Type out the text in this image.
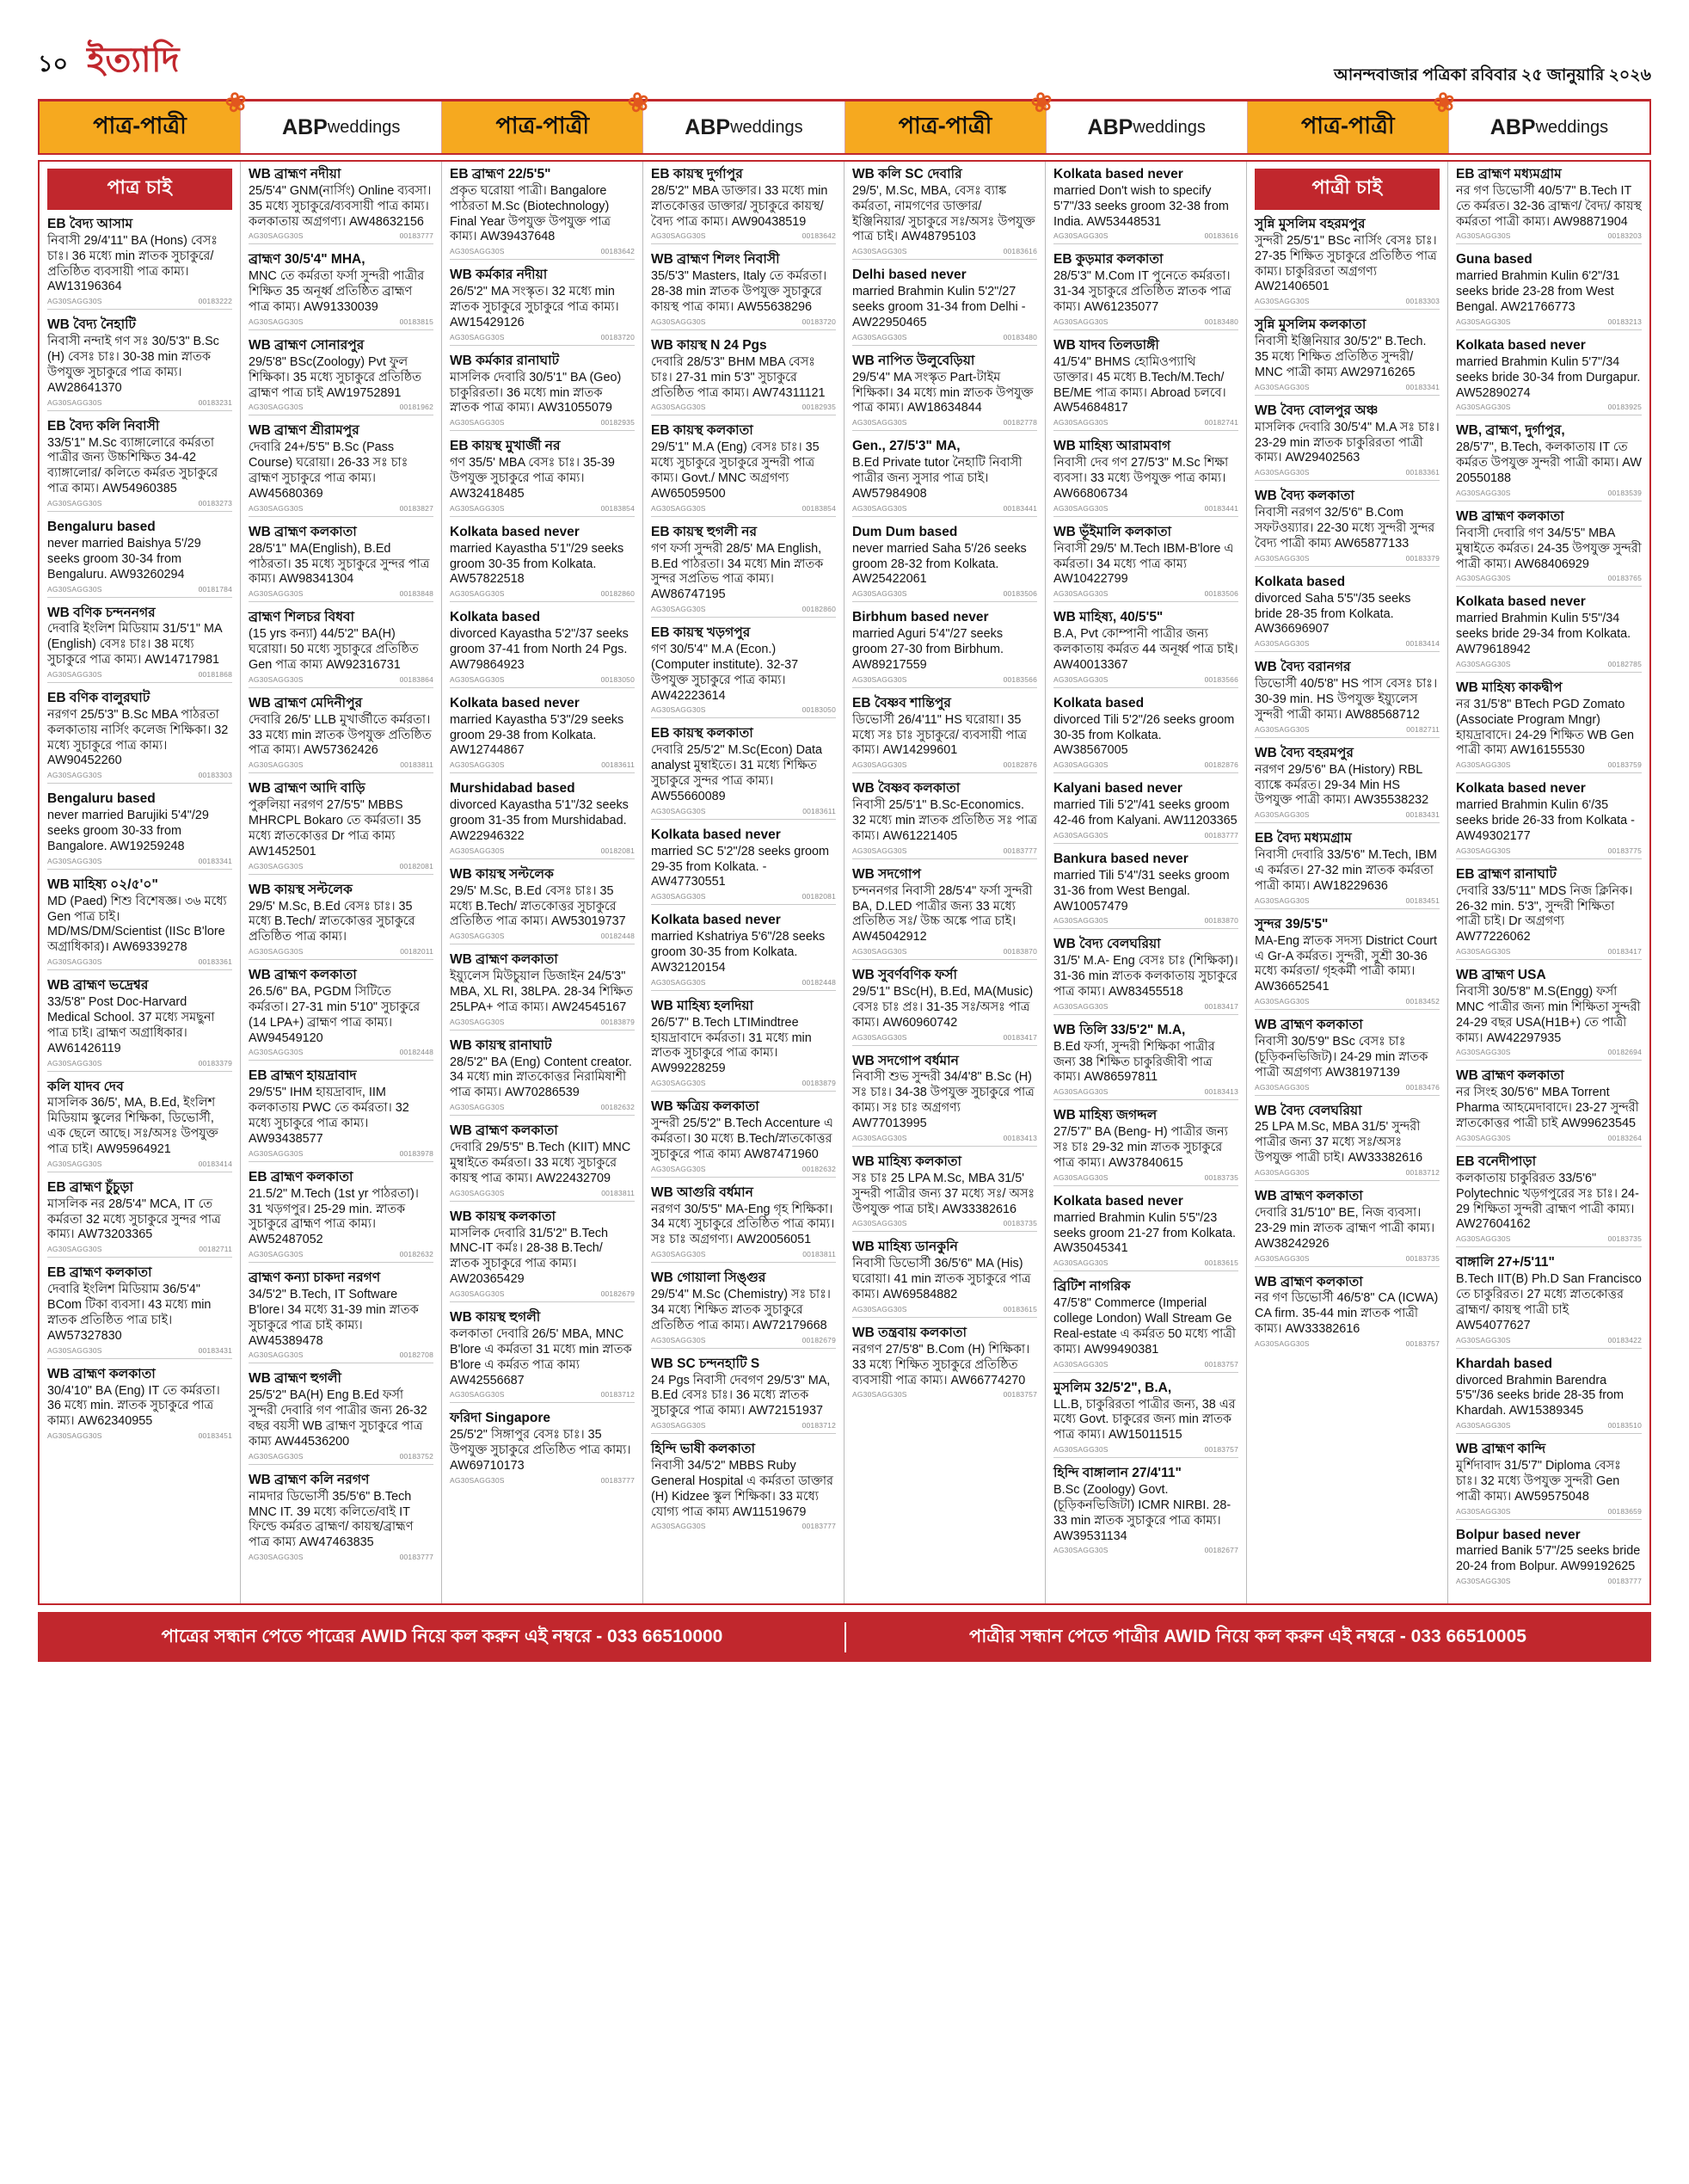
১০ ইত্যাদি	আনন্দবাজার পত্রিকা রবিবার ২৫ জানুয়ারি ২০২৬
পাত্র-পাত্রী
❀
ABP weddings	পাত্র-পাত্রী
❀
ABP weddings	পাত্র-পাত্রী
❀
ABP weddings	পাত্র-পাত্রী
❀
ABP weddings
পাত্র চাই
EB বৈদ্য আসাম
নিবাসী 29/4'11" BA (Hons) বেসঃ চাঃ। 36 মধ্যে min স্নাতক সুচাকুরে/ প্রতিষ্ঠিত ব্যবসায়ী পাত্র কাম্য। AW13196364
AG30SAGG30S	00183222
WB বৈদ্য নৈহাটি
নিবাসী নন্দাই গণ সঃ 30/5'3" B.Sc (H) বেসঃ চাঃ। 30-38 min স্নাতক উপযুক্ত সুচাকুরে পাত্র কাম্য। AW28641370
AG30SAGG30S	00183231
EB বৈদ্য কলি নিবাসী
33/5'1" M.Sc ব্যাঙ্গালোরে কর্মরতা পাত্রীর জন্য উচ্চশিক্ষিত 34-42 ব্যাঙ্গালোর/ কলিতে কর্মরত সুচাকুরে পাত্র কাম্য। AW54960385
AG30SAGG30S	00183273
Bengaluru based
never married Baishya 5'/29 seeks groom 30-34 from Bengaluru. AW93260294
AG30SAGG30S	00181784
WB বণিক চন্দননগর
দেবারি ইংলিশ মিডিয়াম 31/5'1" MA (English) বেসঃ চাঃ। 38 মধ্যে সুচাকুরে পাত্র কাম্য। AW14717981
AG30SAGG30S	00181868
EB বণিক বালুরঘাট
নরগণ 25/5'3" B.Sc MBA পাঠরতা কলকাতায় নার্সিং কলেজ শিক্ষিকা। 32 মধ্যে সুচাকুরে পাত্র কাম্য। AW90452260
AG30SAGG30S	00183303
Bengaluru based
never married Barujiki 5'4"/29 seeks groom 30-33 from Bangalore. AW19259248
AG30SAGG30S	00183341
WB মাহিষ্য ০২/৫'০"
MD (Paed) শিশু বিশেষজ্ঞ। ৩৬ মধ্যে Gen পাত্র চাই। MD/MS/DM/Scientist (IISc B'lore অগ্রাধিকার)। AW69339278
AG30SAGG30S	00183361
WB ব্রাহ্মণ ভদ্রেশ্বর
33/5'8" Post Doc-Harvard Medical School. 37 মধ্যে সমছুনা পাত্র চাই। ব্রাহ্মণ অগ্রাধিকার। AW61426119
AG30SAGG30S	00183379
কলি যাদব দেব
মাসলিক 36/5', MA, B.Ed, ইংলিশ মিডিয়াম স্কুলের শিক্ষিকা, ডিভোর্সী, এক ছেলে আছে। সঃ/অসঃ উপযুক্ত পাত্র চাই। AW95964921
AG30SAGG30S	00183414
EB ব্রাহ্মণ চুঁচুড়া
মাসলিক নর 28/5'4" MCA, IT তে কর্মরতা 32 মধ্যে সুচাকুরে সুন্দর পাত্র কাম্য। AW73203365
AG30SAGG30S	00182711
EB ব্রাহ্মণ কলকাতা
দেবারি ইংলিশ মিডিয়াম 36/5'4" BCom টিকা ব্যবসা। 43 মধ্যে min স্নাতক প্রতিষ্ঠিত পাত্র চাই। AW57327830
AG30SAGG30S	00183431
WB ব্রাহ্মণ কলকাতা
30/4'10" BA (Eng) IT তে কর্মরতা। 36 মধ্যে min. স্নাতক সুচাকুরে পাত্র কাম্য। AW62340955
AG30SAGG30S	00183451
WB ব্রাহ্মণ নদীয়া
25/5'4" GNM(নার্সিং) Online ব্যবসা। 35 মধ্যে সুচাকুরে/ব্যবসায়ী পাত্র কাম্য। কলকাতায় অগ্রগণ্য। AW48632156
AG30SAGG30S	00183777
ব্রাহ্মণ 30/5'4" MHA,
MNC তে কর্মরতা ফর্সা সুন্দরী পাত্রীর শিক্ষিত 35 অনূর্ধ্ব প্রতিষ্ঠিত ব্রাহ্মণ পাত্র কাম্য। AW91330039
AG30SAGG30S	00183815
WB ব্রাহ্মণ সোনারপুর
29/5'8" BSc(Zoology) Pvt ফুল শিক্ষিকা। 35 মধ্যে সুচাকুরে প্রতিষ্ঠিত ব্রাহ্মণ পাত্র চাই AW19752891
AG30SAGG30S	00181962
WB ব্রাহ্মণ শ্রীরামপুর
দেবারি 24+/5'5" B.Sc (Pass Course) ঘরোয়া। 26-33 সঃ চাঃ ব্রাহ্মণ সুচাকুরে পাত্র কাম্য। AW45680369
AG30SAGG30S	00183827
WB ব্রাহ্মণ কলকাতা
28/5'1" MA(English), B.Ed পাঠরতা। 35 মধ্যে সুচাকুরে সুন্দর পাত্র কাম্য। AW98341304
AG30SAGG30S	00183848
ব্রাহ্মণ শিলচর বিধবা
(15 yrs কন্যা) 44/5'2" BA(H) ঘরোয়া। 50 মধ্যে সুচাকুরে প্রতিষ্ঠিত Gen পাত্র কাম্য AW92316731
AG30SAGG30S	00183864
WB ব্রাহ্মণ মেদিনীপুর
দেবারি 26/5' LLB মুখার্জীতে কর্মরতা। 33 মধ্যে min স্নাতক উপযুক্ত প্রতিষ্ঠিত পাত্র কাম্য। AW57362426
AG30SAGG30S	00183811
WB ব্রাহ্মণ আদি বাড়ি
পুরুলিয়া নরগণ 27/5'5" MBBS MHRCPL Bokaro তে কর্মরতা। 35 মধ্যে স্নাতকোত্তর Dr পাত্র কাম্য AW1452501
AG30SAGG30S	00182081
WB কায়স্থ সল্টলেক
29/5' M.Sc, B.Ed বেসঃ চাঃ। 35 মধ্যে B.Tech/ স্নাতকোত্তর সুচাকুরে প্রতিষ্ঠিত পাত্র কাম্য।
AG30SAGG30S	00182011
WB ব্রাহ্মণ কলকাতা
26.5/6" BA, PGDM সিটিতে কর্মরতা। 27-31 min 5'10" সুচাকুরে (14 LPA+) ব্রাহ্মণ পাত্র কাম্য। AW94549120
AG30SAGG30S	00182448
EB ব্রাহ্মণ হায়দ্রাবাদ
29/5'5" IHM হায়দ্রাবাদ, IIM কলকাতায় PWC তে কর্মরতা। 32 মধ্যে সুচাকুরে পাত্র কাম্য। AW93438577
AG30SAGG30S	00183978
EB ব্রাহ্মণ কলকাতা
21.5/2" M.Tech (1st yr পাঠরতা)। 31 খড়গপুর। 25-29 min. স্নাতক সুচাকুরে ব্রাহ্মণ পাত্র কাম্য। AW52487052
AG30SAGG30S	00182632
ব্রাহ্মণ কন্যা চাকদা নরগণ
34/5'2" B.Tech, IT Software B'lore। 34 মধ্যে 31-39 min স্নাতক সুচাকুরে পাত্র চাই কাম্য। AW45389478
AG30SAGG30S	00182708
WB ব্রাহ্মণ হুগলী
25/5'2" BA(H) Eng B.Ed ফর্সা সুন্দরী দেবারি গণ পাত্রীর জন্য 26-32 বছর বয়সী WB ব্রাহ্মণ সুচাকুরে পাত্র কাম্য AW44536200
AG30SAGG30S	00183752
WB ব্রাহ্মণ কলি নরগণ
নামদার ডিভোর্সী 35/5'6" B.Tech MNC IT. 39 মধ্যে কলিতে/বাই IT ফিল্ডে কর্মরত ব্রাহ্মণ/ কায়স্থ/ব্রাহ্মণ পাত্র কাম্য AW47463835
AG30SAGG30S	00183777
EB ব্রাহ্মণ 22/5'5"
প্রকৃত ঘরোয়া পাত্রী। Bangalore পাঠরতা M.Sc (Biotechnology) Final Year উপযুক্ত উপযুক্ত পাত্র কাম্য। AW39437648
AG30SAGG30S	00183642
WB কর্মকার নদীয়া
26/5'2" MA সংস্কৃত। 32 মধ্যে min স্নাতক সুচাকুরে সুচাকুরে পাত্র কাম্য। AW15429126
AG30SAGG30S	00183720
WB কর্মকার রানাঘাট
মাসলিক দেবারি 30/5'1" BA (Geo) চাকুরিরতা। 36 মধ্যে min স্নাতক স্নাতক পাত্র কাম্য। AW31055079
AG30SAGG30S	00182935
EB কায়স্থ মুখার্জী নর
গণ 35/5' MBA বেসঃ চাঃ। 35-39 উপযুক্ত সুচাকুরে পাত্র কাম্য। AW32418485
AG30SAGG30S	00183854
Kolkata based never
married Kayastha 5'1"/29 seeks groom 30-35 from Kolkata. AW57822518
AG30SAGG30S	00182860
Kolkata based
divorced Kayastha 5'2"/37 seeks groom 37-41 from North 24 Pgs. AW79864923
AG30SAGG30S	00183050
Kolkata based never
married Kayastha 5'3"/29 seeks groom 29-38 from Kolkata. AW12744867
AG30SAGG30S	00183611
Murshidabad based
divorced Kayastha 5'1"/32 seeks groom 31-35 from Murshidabad. AW22946322
AG30SAGG30S	00182081
WB কায়স্থ সল্টলেক
29/5' M.Sc, B.Ed বেসঃ চাঃ। 35 মধ্যে B.Tech/ স্নাতকোত্তর সুচাকুরে প্রতিষ্ঠিত পাত্র কাম্য। AW53019737
AG30SAGG30S	00182448
WB ব্রাহ্মণ কলকাতা
ইয়্যুলেস মিউচুয়াল ডিজাইন 24/5'3" MBA, XL RI, 38LPA. 28-34 শিক্ষিত 25LPA+ পাত্র কাম্য। AW24545167
AG30SAGG30S	00183879
WB কায়স্থ রানাঘাট
28/5'2" BA (Eng) Content creator. 34 মধ্যে min স্নাতকোত্তর নিরামিষাশী পাত্র কাম্য। AW70286539
AG30SAGG30S	00182632
WB ব্রাহ্মণ কলকাতা
দেবারি 29/5'5" B.Tech (KIIT) MNC মুম্বাইতে কর্মরতা। 33 মধ্যে সুচাকুরে কায়স্থ পাত্র কাম্য। AW22432709
AG30SAGG30S	00183811
WB কায়স্থ কলকাতা
মাসলিক দেবারি 31/5'2" B.Tech MNC-IT কর্মঃ। 28-38 B.Tech/ স্নাতক সুচাকুরে পাত্র কাম্য। AW20365429
AG30SAGG30S	00182679
WB কায়স্থ হুগলী
কলকাতা দেবারি 26/5' MBA, MNC B'lore এ কর্মরতা 31 মধ্যে min স্নাতক B'lore এ কর্মরত পাত্র কাম্য AW42556687
AG30SAGG30S	00183712
ফরিদা Singapore
25/5'2" সিঙ্গাপুর বেসঃ চাঃ। 35 উপযুক্ত সুচাকুরে প্রতিষ্ঠিত পাত্র কাম্য। AW69710173
AG30SAGG30S	00183777
EB কায়স্থ দুর্গাপুর
28/5'2" MBA ডাক্তার। 33 মধ্যে min স্নাতকোত্তর ডাক্তার/ সুচাকুরে কায়স্থ/বৈদ্য পাত্র কাম্য। AW90438519
AG30SAGG30S	00183642
WB ব্রাহ্মণ শিলং নিবাসী
35/5'3" Masters, Italy তে কর্মরতা। 28-38 min স্নাতক উপযুক্ত সুচাকুরে কায়স্থ পাত্র কাম্য। AW55638296
AG30SAGG30S	00183720
WB কায়স্থ N 24 Pgs
দেবারি 28/5'3" BHM MBA বেসঃ চাঃ। 27-31 min 5'3" সুচাকুরে প্রতিষ্ঠিত পাত্র কাম্য। AW74311121
AG30SAGG30S	00182935
EB কায়স্থ কলকাতা
29/5'1" M.A (Eng) বেসঃ চাঃ। 35 মধ্যে সুচাকুরে সুচাকুরে সুন্দরী পাত্র কাম্য। Govt./ MNC অগ্রগণ্য AW65059500
AG30SAGG30S	00183854
EB কায়স্থ হুগলী নর
গণ ফর্সা সুন্দরী 28/5' MA English, B.Ed পাঠরতা। 34 মধ্যে Min স্নাতক সুন্দর সপ্রতিভ পাত্র কাম্য। AW86747195
AG30SAGG30S	00182860
EB কায়স্থ খড়গপুর
গণ 30/5'4" M.A (Econ.) (Computer institute). 32-37 উপযুক্ত সুচাকুরে পাত্র কাম্য। AW42223614
AG30SAGG30S	00183050
EB কায়স্থ কলকাতা
দেবারি 25/5'2" M.Sc(Econ) Data analyst মুম্বাইতে। 31 মধ্যে শিক্ষিত সুচাকুরে সুন্দর পাত্র কাম্য। AW55660089
AG30SAGG30S	00183611
Kolkata based never
married SC 5'2"/28 seeks groom 29-35 from Kolkata. - AW47730551
AG30SAGG30S	00182081
Kolkata based never
married Kshatriya 5'6"/28 seeks groom 30-35 from Kolkata. AW32120154
AG30SAGG30S	00182448
WB মাহিষ্য হলদিয়া
26/5'7" B.Tech LTIMindtree হায়দ্রাবাদে কর্মরতা। 31 মধ্যে min স্নাতক সুচাকুরে পাত্র কাম্য। AW99228259
AG30SAGG30S	00183879
WB ক্ষত্রিয় কলকাতা
সুন্দরী 25/5'2" B.Tech Accenture এ কর্মরতা। 30 মধ্যে B.Tech/স্নাতকোত্তর সুচাকুরে পাত্র কাম্য AW87471960
AG30SAGG30S	00182632
WB আগুরি বর্ধমান
নরগণ 30/5'5" MA-Eng গৃহ শিক্ষিকা। 34 মধ্যে সুচাকুরে প্রতিষ্ঠিত পাত্র কাম্য। সঃ চাঃ অগ্রগণ্য। AW20056051
AG30SAGG30S	00183811
WB গোয়ালা সিঙ্গুর
29/5'4" M.Sc (Chemistry) সঃ চাঃ। 34 মধ্যে শিক্ষিত স্নাতক সুচাকুরে প্রতিষ্ঠিত পাত্র কাম্য। AW72179668
AG30SAGG30S	00182679
WB SC চন্দনহাটি S
24 Pgs নিবাসী দেবগণ 29/5'3" MA, B.Ed বেসঃ চাঃ। 36 মধ্যে স্নাতক সুচাকুরে পাত্র কাম্য। AW72151937
AG30SAGG30S	00183712
হিন্দি ভাষী কলকাতা
নিবাসী 34/5'2" MBBS Ruby General Hospital এ কর্মরতা ডাক্তার (H) Kidzee স্কুল শিক্ষিকা। 33 মধ্যে যোগ্য পাত্র কাম্য AW11519679
AG30SAGG30S	00183777
WB কলি SC দেবারি
29/5', M.Sc, MBA, বেসঃ ব্যাঙ্ক কর্মরতা, নামগণের ডাক্তার/ ইঞ্জিনিয়ার/ সুচাকুরে সঃ/অসঃ উপযুক্ত পাত্র চাই। AW48795103
AG30SAGG30S	00183616
Delhi based never
married Brahmin Kulin 5'2"/27 seeks groom 31-34 from Delhi - AW22950465
AG30SAGG30S	00183480
WB নাপিত উলুবেড়িয়া
29/5'4" MA সংস্কৃত Part-টাইম শিক্ষিকা। 34 মধ্যে min স্নাতক উপযুক্ত পাত্র কাম্য। AW18634844
AG30SAGG30S	00182778
Gen., 27/5'3" MA,
B.Ed Private tutor নৈহাটি নিবাসী পাত্রীর জন্য সুসার পাত্র চাই। AW57984908
AG30SAGG30S	00183441
Dum Dum based
never married Saha 5'/26 seeks groom 28-32 from Kolkata. AW25422061
AG30SAGG30S	00183506
Birbhum based never
married Aguri 5'4"/27 seeks groom 27-30 from Birbhum. AW89217559
AG30SAGG30S	00183566
EB বৈষ্ণব শান্তিপুর
ডিভোর্সী 26/4'11" HS ঘরোয়া। 35 মধ্যে সঃ চাঃ সুচাকুরে/ ব্যবসায়ী পাত্র কাম্য। AW14299601
AG30SAGG30S	00182876
WB বৈষ্ণব কলকাতা
নিবাসী 25/5'1" B.Sc-Economics. 32 মধ্যে min স্নাতক প্রতিষ্ঠিত সঃ পাত্র কাম্য। AW61221405
AG30SAGG30S	00183777
WB সদগোপ
চন্দননগর নিবাসী 28/5'4" ফর্সা সুন্দরী BA, D.LED পাত্রীর জন্য 33 মধ্যে প্রতিষ্ঠিত সঃ/ উচ্চ অঙ্কে পাত্র চাই। AW45042912
AG30SAGG30S	00183870
WB সুবর্ণবণিক ফর্সা
29/5'1" BSc(H), B.Ed, MA(Music) বেসঃ চাঃ প্রঃ। 31-35 সঃ/অসঃ পাত্র কাম্য। AW60960742
AG30SAGG30S	00183417
WB সদগোপ বর্ধমান
নিবাসী শুভ সুন্দরী 34/4'8" B.Sc (H) সঃ চাঃ। 34-38 উপযুক্ত সুচাকুরে পাত্র কাম্য। সঃ চাঃ অগ্রগণ্য AW77013995
AG30SAGG30S	00183413
WB মাহিষ্য কলকাতা
সঃ চাঃ 25 LPA M.Sc, MBA 31/5' সুন্দরী পাত্রীর জন্য 37 মধ্যে সঃ/ অসঃ উপযুক্ত পাত্র চাই। AW33382616
AG30SAGG30S	00183735
WB মাহিষ্য ডানকুনি
নিবাসী ডিভোর্সী 36/5'6" MA (His) ঘরোয়া। 41 min স্নাতক সুচাকুরে পাত্র কাম্য। AW69584882
AG30SAGG30S	00183615
WB তন্ত্রবায় কলকাতা
নরগণ 27/5'8" B.Com (H) শিক্ষিকা। 33 মধ্যে শিক্ষিত সুচাকুরে প্রতিষ্ঠিত ব্যবসায়ী পাত্র কাম্য। AW66774270
AG30SAGG30S	00183757
Kolkata based never
married Don't wish to specify 5'7"/33 seeks groom 32-38 from India. AW53448531
AG30SAGG30S	00183616
EB কুড়মার কলকাতা
28/5'3" M.Com IT পুনেতে কর্মরতা। 31-34 সুচাকুরে প্রতিষ্ঠিত স্নাতক পাত্র কাম্য। AW61235077
AG30SAGG30S	00183480
WB যাদব তিলডাঙ্গী
41/5'4" BHMS হোমিওপ্যাথি ডাক্তার। 45 মধ্যে B.Tech/M.Tech/ BE/ME পাত্র কাম্য। Abroad চলবে। AW54684817
AG30SAGG30S	00182741
WB মাহিষ্য আরামবাগ
নিবাসী দেব গণ 27/5'3" M.Sc শিক্ষা ব্যবসা। 33 মধ্যে উপযুক্ত পাত্র কাম্য। AW66806734
AG30SAGG30S	00183441
WB ভূঁইমালি কলকাতা
নিবাসী 29/5' M.Tech IBM-B'lore এ কর্মরতা। 34 মধ্যে পাত্র কাম্য AW10422799
AG30SAGG30S	00183506
WB মাহিষ্য, 40/5'5"
B.A, Pvt কোম্পানী পাত্রীর জন্য কলকাতায় কর্মরত 44 অনূর্ধ্ব পাত্র চাই। AW40013367
AG30SAGG30S	00183566
Kolkata based
divorced Tili 5'2"/26 seeks groom 30-35 from Kolkata. AW38567005
AG30SAGG30S	00182876
Kalyani based never
married Tili 5'2"/41 seeks groom 42-46 from Kalyani. AW11203365
AG30SAGG30S	00183777
Bankura based never
married Tili 5'4"/31 seeks groom 31-36 from West Bengal. AW10057479
AG30SAGG30S	00183870
WB বৈদ্য বেলঘরিয়া
31/5' M.A- Eng বেসঃ চাঃ (শিক্ষিকা)। 31-36 min স্নাতক কলকাতায় সুচাকুরে পাত্র কাম্য। AW83455518
AG30SAGG30S	00183417
WB তিলি 33/5'2" M.A,
B.Ed ফর্সা, সুন্দরী শিক্ষিকা পাত্রীর জন্য 38 শিক্ষিত চাকুরিজীবী পাত্র কাম্য। AW86597811
AG30SAGG30S	00183413
WB মাহিষ্য জগদ্দল
27/5'7" BA (Beng- H) পাত্রীর জন্য সঃ চাঃ 29-32 min স্নাতক সুচাকুরে পাত্র কাম্য। AW37840615
AG30SAGG30S	00183735
Kolkata based never
married Brahmin Kulin 5'5"/23 seeks groom 21-27 from Kolkata. AW35045341
AG30SAGG30S	00183615
ব্রিটিশ নাগরিক
47/5'8" Commerce (Imperial college London) Wall Stream Ge Real-estate এ কর্মরত 50 মধ্যে পাত্রী কাম্য। AW99490381
AG30SAGG30S	00183757
মুসলিম 32/5'2", B.A,
LL.B, চাকুরিরতা পাত্রীর জন্য, 38 এর মধ্যে Govt. চাকুরের জন্য min স্নাতক পাত্র কাম্য। AW15011515
AG30SAGG30S	00183757
হিন্দি বাঙ্গালান 27/4'11"
B.Sc (Zoology) Govt. (চূড়িকনভিজিটা) ICMR NIRBI. 28-33 min স্নাতক সুচাকুরে পাত্র কাম্য। AW39531134
AG30SAGG30S	00182677
পাত্রী চাই
সুন্নি মুসলিম বহরমপুর
সুন্দরী 25/5'1" BSc নার্সিং বেসঃ চাঃ। 27-35 শিক্ষিত সুচাকুরে প্রতিষ্ঠিত পাত্র কাম্য। চাকুরিরতা অগ্রগণ্য AW21406501
AG30SAGG30S	00183303
সুন্নি মুসলিম কলকাতা
নিবাসী ইঞ্জিনিয়ার 30/5'2" B.Tech. 35 মধ্যে শিক্ষিত প্রতিষ্ঠিত সুন্দরী/ MNC পাত্রী কাম্য AW29716265
AG30SAGG30S	00183341
WB বৈদ্য বোলপুর অঞ্চ
মাসলিক দেবারি 30/5'4" M.A সঃ চাঃ। 23-29 min স্নাতক চাকুরিরতা পাত্রী কাম্য। AW29402563
AG30SAGG30S	00183361
WB বৈদ্য কলকাতা
নিবাসী নরগণ 32/5'6" B.Com সফটওয়্যার। 22-30 মধ্যে সুন্দরী সুন্দর বৈদ্য পাত্রী কাম্য AW65877133
AG30SAGG30S	00183379
Kolkata based
divorced Saha 5'5"/35 seeks bride 28-35 from Kolkata. AW36696907
AG30SAGG30S	00183414
WB বৈদ্য বরানগর
ডিভোর্সী 40/5'8" HS পাস বেসঃ চাঃ। 30-39 min. HS উপযুক্ত ইয়্যুলেস সুন্দরী পাত্রী কাম্য। AW88568712
AG30SAGG30S	00182711
WB বৈদ্য বহরমপুর
নরগণ 29/5'6" BA (History) RBL ব্যাঙ্কে কর্মরত। 29-34 Min HS উপযুক্ত পাত্রী কাম্য। AW35538232
AG30SAGG30S	00183431
EB বৈদ্য মধ্যমগ্রাম
নিবাসী দেবারি 33/5'6" M.Tech, IBM এ কর্মরত। 27-32 min স্নাতক কর্মরতা পাত্রী কাম্য। AW18229636
AG30SAGG30S	00183451
সুন্দর 39/5'5"
MA-Eng স্নাতক সদস্য District Court এ Gr-A কর্মরত। সুন্দরী, সুশ্রী 30-36 মধ্যে কর্মরতা/ গৃহকর্মী পাত্রী কাম্য। AW36652541
AG30SAGG30S	00183452
WB ব্রাহ্মণ কলকাতা
নিবাসী 30/5'9" BSc বেসঃ চাঃ (চূড়িকনভিজিট)। 24-29 min স্নাতক পাত্রী অগ্রগণ্য AW38197139
AG30SAGG30S	00183476
WB বৈদ্য বেলঘরিয়া
25 LPA M.Sc, MBA 31/5' সুন্দরী পাত্রীর জন্য 37 মধ্যে সঃ/অসঃ উপযুক্ত পাত্রী চাই। AW33382616
AG30SAGG30S	00183712
WB ব্রাহ্মণ কলকাতা
দেবারি 31/5'10" BE, নিজ ব্যবসা। 23-29 min স্নাতক ব্রাহ্মণ পাত্রী কাম্য। AW38242926
AG30SAGG30S	00183735
WB ব্রাহ্মণ কলকাতা
নর গণ ডিভোর্সী 46/5'8" CA (ICWA) CA firm. 35-44 min স্নাতক পাত্রী কাম্য। AW33382616
AG30SAGG30S	00183757
EB ব্রাহ্মণ মধ্যমগ্রাম
নর গণ ডিভোর্সী 40/5'7" B.Tech IT তে কর্মরত। 32-36 ব্রাহ্মণ/ বৈদ্য/ কায়স্থ কর্মরতা পাত্রী কাম্য। AW98871904
AG30SAGG30S	00183203
Guna based
married Brahmin Kulin 6'2"/31 seeks bride 23-28 from West Bengal. AW21766773
AG30SAGG30S	00183213
Kolkata based never
married Brahmin Kulin 5'7"/34 seeks bride 30-34 from Durgapur. AW52890274
AG30SAGG30S	00183925
WB, ব্রাহ্মণ, দুর্গাপুর,
28/5'7", B.Tech, কলকাতায় IT তে কর্মরত উপযুক্ত সুন্দরী পাত্রী কাম্য। AW 20550188
AG30SAGG30S	00183539
WB ব্রাহ্মণ কলকাতা
নিবাসী দেবারি গণ 34/5'5" MBA মুম্বাইতে কর্মরত। 24-35 উপযুক্ত সুন্দরী পাত্রী কাম্য। AW68406929
AG30SAGG30S	00183765
Kolkata based never
married Brahmin Kulin 5'5"/34 seeks bride 29-34 from Kolkata. AW79618942
AG30SAGG30S	00182785
WB মাহিষ্য কাকদ্বীপ
নর 31/5'8" BTech PGD Zomato (Associate Program Mngr) হায়দ্রাবাদে। 24-29 শিক্ষিত WB Gen পাত্রী কাম্য AW16155530
AG30SAGG30S	00183759
Kolkata based never
married Brahmin Kulin 6'/35 seeks bride 26-33 from Kolkata - AW49302177
AG30SAGG30S	00183775
EB ব্রাহ্মণ রানাঘাট
দেবারি 33/5'11" MDS নিজ ক্লিনিক। 26-32 min. 5'3", সুন্দরী শিক্ষিতা পাত্রী চাই। Dr অগ্রগণ্য AW77226062
AG30SAGG30S	00183417
WB ব্রাহ্মণ USA
নিবাসী 30/5'8" M.S(Engg) ফর্সা MNC পাত্রীর জন্য min শিক্ষিতা সুন্দরী 24-29 বছর USA(H1B+) তে পাত্রী কাম্য। AW42297935
AG30SAGG30S	00182694
WB ব্রাহ্মণ কলকাতা
নর সিংহ 30/5'6" MBA Torrent Pharma আহমেদাবাদে। 23-27 সুন্দরী স্নাতকোত্তর পাত্রী চাই AW99623545
AG30SAGG30S	00183264
EB বনেদীপাড়া
কলকাতায় চাকুরিরত 33/5'6" Polytechnic খড়গপুরের সঃ চাঃ। 24-29 শিক্ষিতা সুন্দরী ব্রাহ্মণ পাত্রী কাম্য। AW27604162
AG30SAGG30S	00183735
বাঙ্গালি 27+/5'11"
B.Tech IIT(B) Ph.D San Francisco তে চাকুরিরত। 27 মধ্যে স্নাতকোত্তর ব্রাহ্মণ/ কায়স্থ পাত্রী চাই AW54077627
AG30SAGG30S	00183422
Khardah based
divorced Brahmin Barendra 5'5"/36 seeks bride 28-35 from Khardah. AW15389345
AG30SAGG30S	00183510
WB ব্রাহ্মণ কান্দি
মুর্শিদাবাদ 31/5'7" Diploma বেসঃ চাঃ। 32 মধ্যে উপযুক্ত সুন্দরী Gen পাত্রী কাম্য। AW59575048
AG30SAGG30S	00183659
Bolpur based never
married Banik 5'7"/25 seeks bride 20-24 from Bolpur. AW99192625
AG30SAGG30S	00183777
পাত্রের সন্ধান পেতে পাত্রের AWID নিয়ে কল করুন এই নম্বরে - 033 66510000	পাত্রীর সন্ধান পেতে পাত্রীর AWID নিয়ে কল করুন এই নম্বরে - 033 66510005
